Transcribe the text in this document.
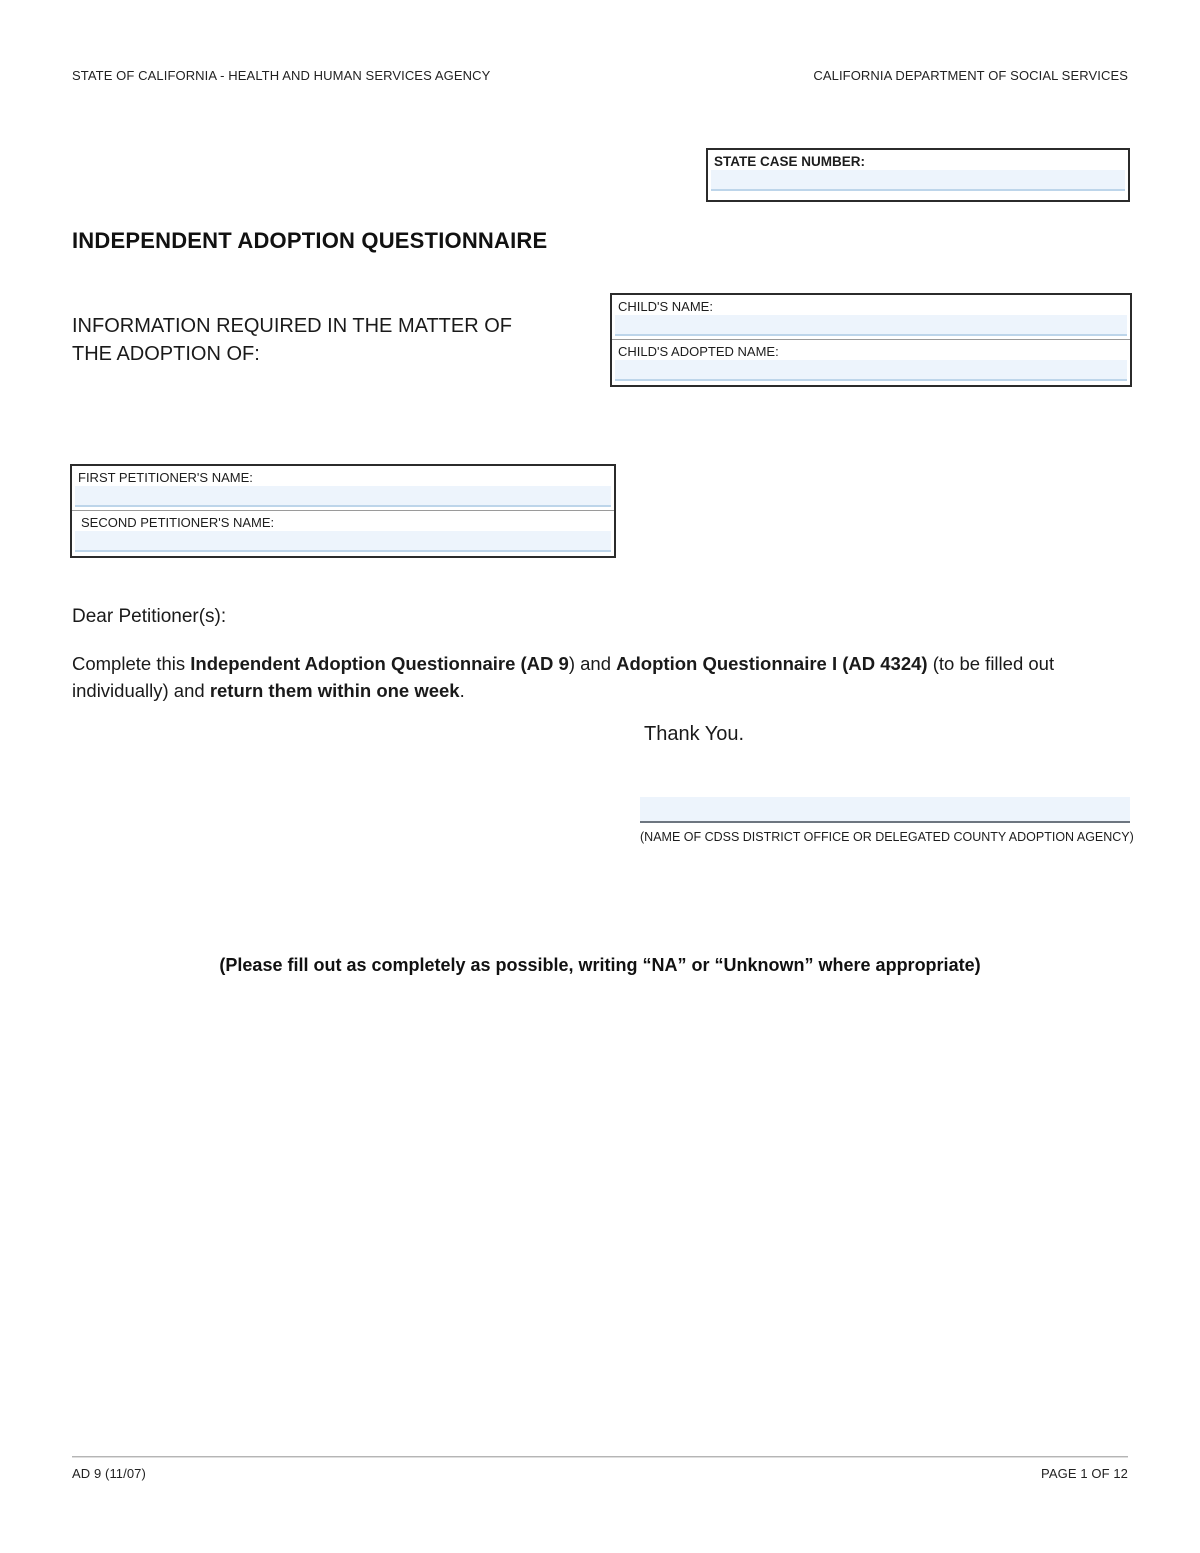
STATE OF CALIFORNIA - HEALTH AND HUMAN SERVICES AGENCY	CALIFORNIA DEPARTMENT OF SOCIAL SERVICES
STATE CASE NUMBER:
INDEPENDENT ADOPTION QUESTIONNAIRE
INFORMATION REQUIRED IN THE MATTER OF THE ADOPTION OF:
CHILD'S NAME:
CHILD'S ADOPTED NAME:
FIRST PETITIONER'S NAME:
SECOND PETITIONER'S NAME:
Dear Petitioner(s):
Complete this Independent Adoption Questionnaire (AD 9) and Adoption Questionnaire I (AD 4324) (to be filled out individually) and return them within one week.
Thank You.
(NAME OF CDSS DISTRICT OFFICE OR DELEGATED COUNTY ADOPTION AGENCY)
(Please fill out as completely as possible, writing “NA” or “Unknown” where appropriate)
AD 9 (11/07)	PAGE 1 OF 12
